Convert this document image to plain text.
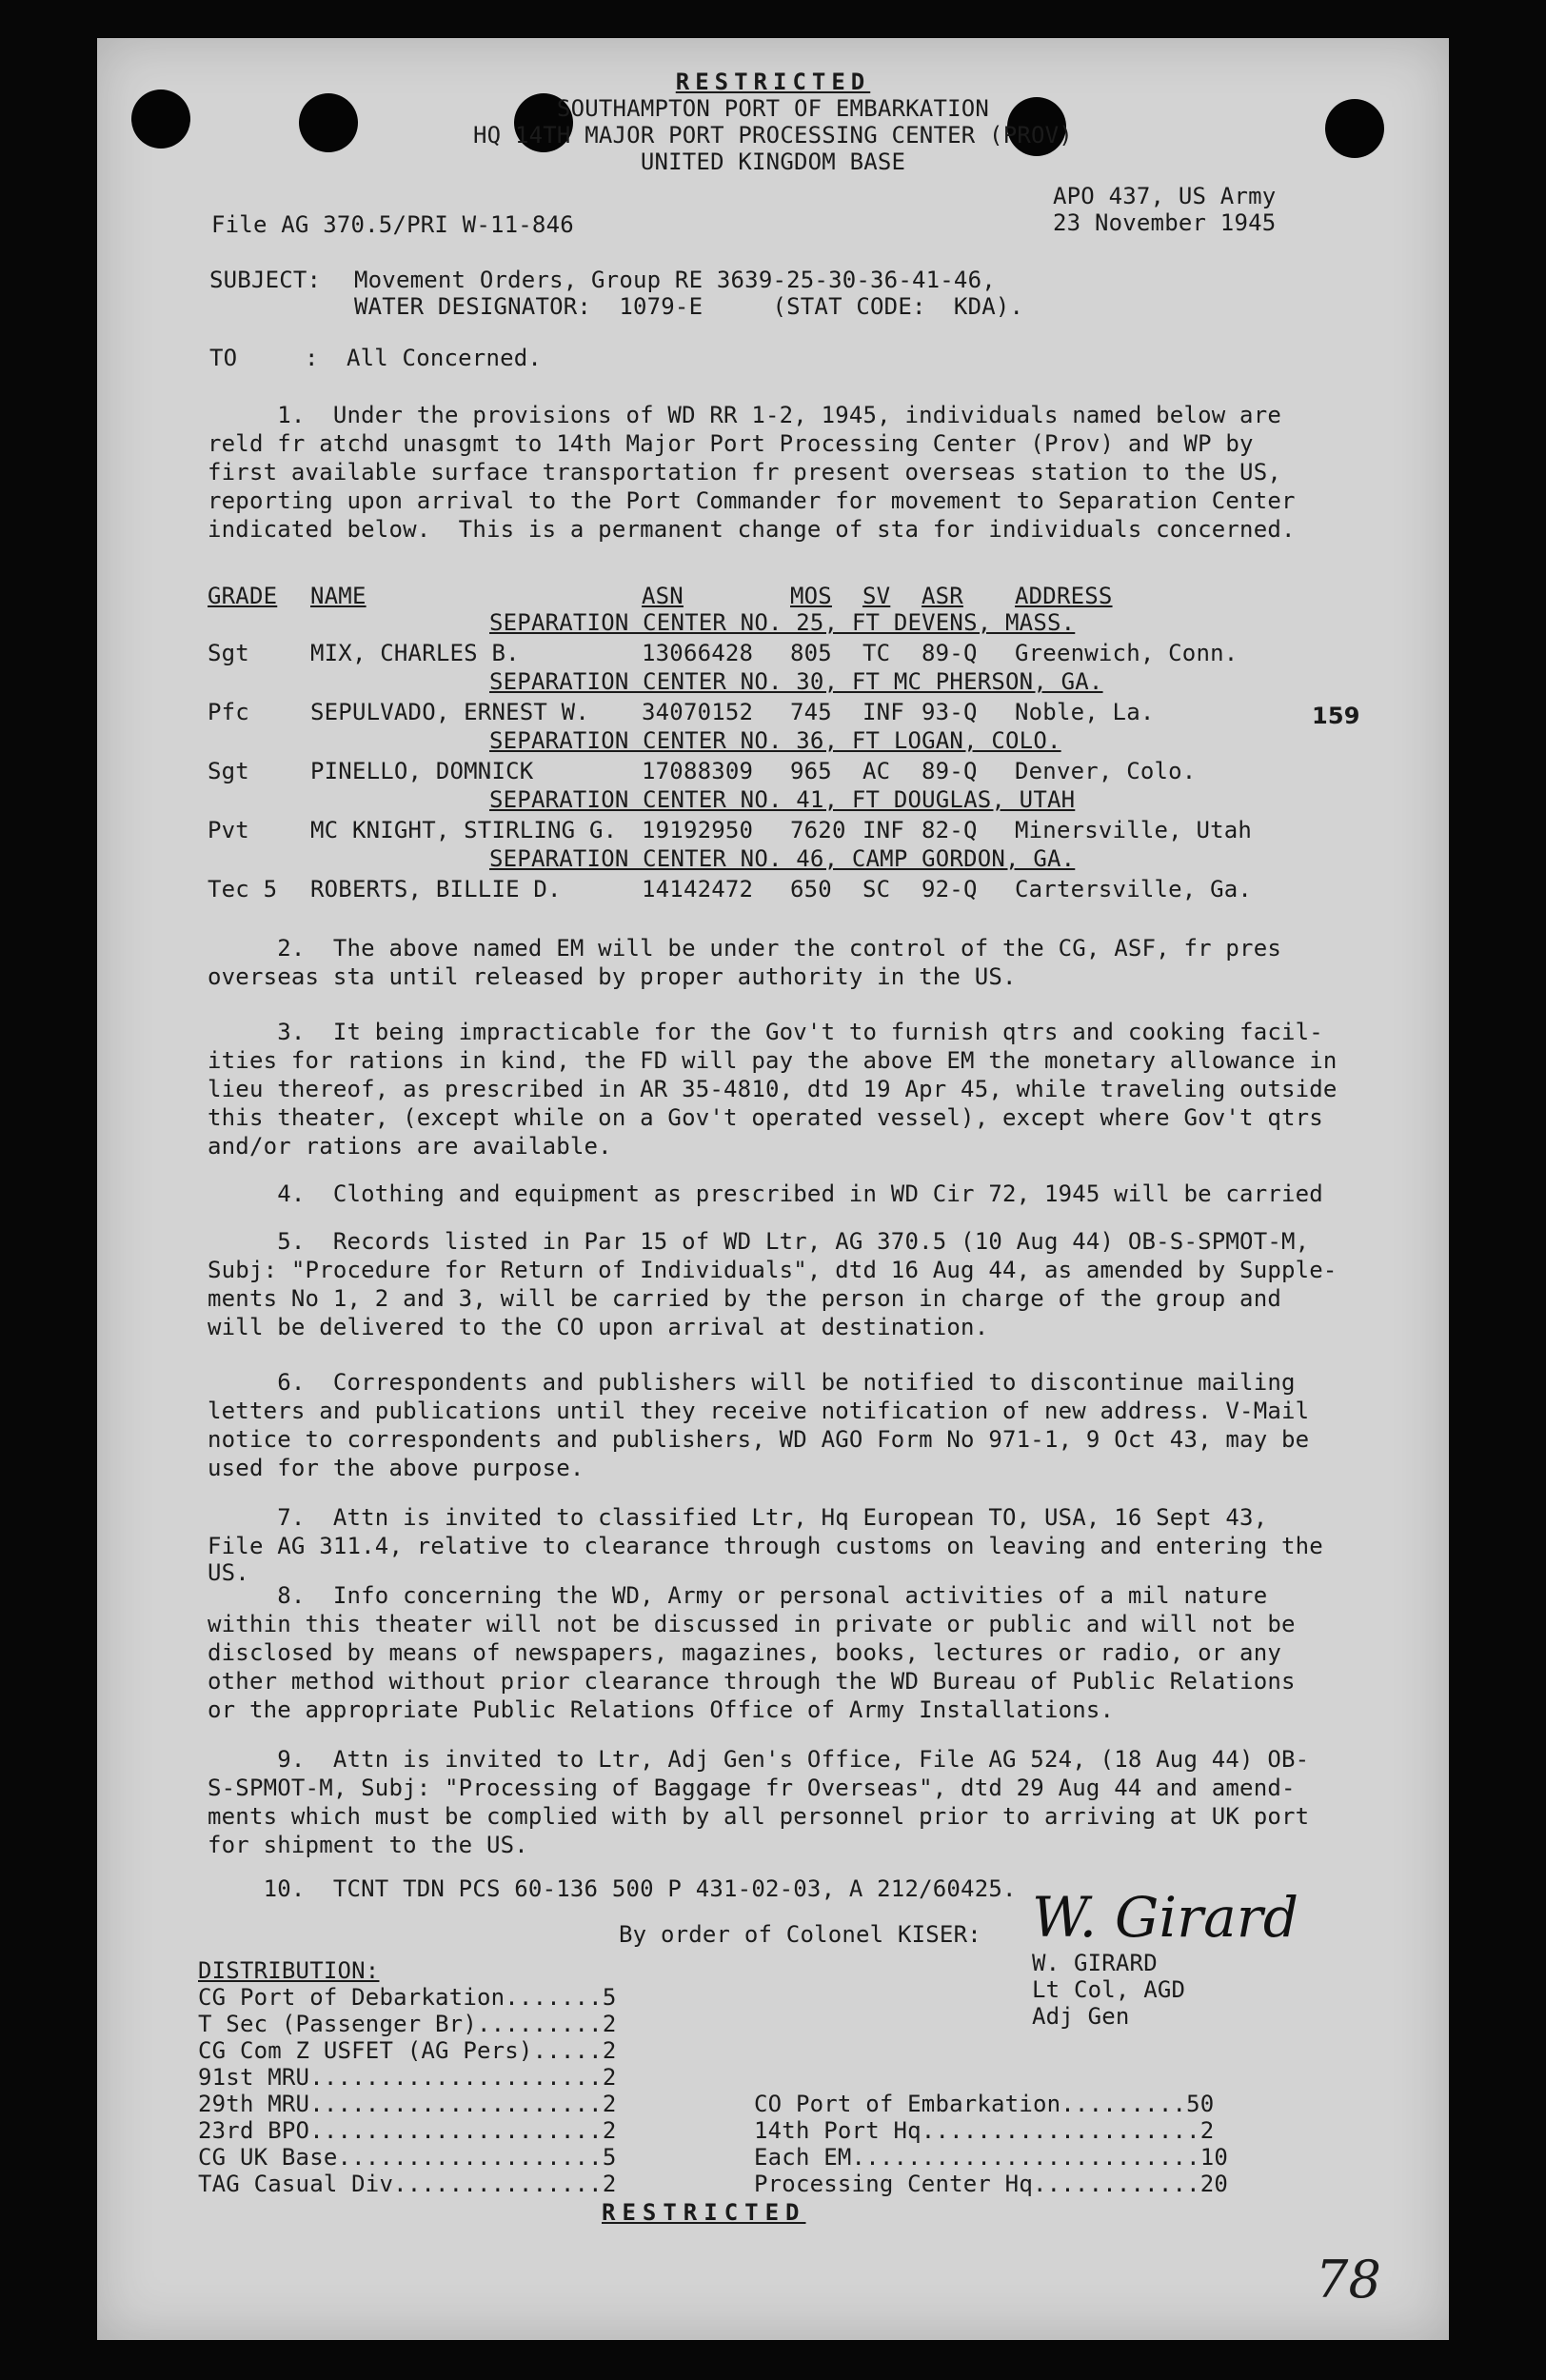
RESTRICTED
SOUTHAMPTON PORT OF EMBARKATION
HQ 14TH MAJOR PORT PROCESSING CENTER (PROV)
UNITED KINGDOM BASE
APO 437, US Army
File AG 370.5/PRI W-11-846	23 November 1945
SUBJECT: Movement Orders, Group RE 3639-25-30-36-41-46,
WATER DESIGNATOR:  1079-E     (STAT CODE:  KDA).
TO	:  All Concerned.
1.  Under the provisions of WD RR 1-2, 1945, individuals named below are
reld fr atchd unasgmt to 14th Major Port Processing Center (Prov) and WP by
first available surface transportation fr present overseas station to the US,
reporting upon arrival to the Port Commander for movement to Separation Center
indicated below.  This is a permanent change of sta for individuals concerned.
GRADE NAME	ASN	MOS SV ASR ADDRESS
SEPARATION CENTER NO. 25, FT DEVENS, MASS.
Sgt	MIX, CHARLES B.	13066428 805 TC 89-Q Greenwich, Conn.
SEPARATION CENTER NO. 30, FT MC PHERSON, GA.
Pfc	SEPULVADO, ERNEST W. 34070152 745 INF 93-Q Noble, La.
SEPARATION CENTER NO. 36, FT LOGAN, COLO.
Sgt	PINELLO, DOMNICK	17088309 965 AC 89-Q Denver, Colo.
SEPARATION CENTER NO. 41, FT DOUGLAS, UTAH
Pvt	MC KNIGHT, STIRLING G. 19192950 7620 INF 82-Q Minersville, Utah
SEPARATION CENTER NO. 46, CAMP GORDON, GA.
Tec 5 ROBERTS, BILLIE D.	14142472 650 SC 92-Q Cartersville, Ga.
159
2.  The above named EM will be under the control of the CG, ASF, fr pres
overseas sta until released by proper authority in the US.
3.  It being impracticable for the Gov't to furnish qtrs and cooking facil-
ities for rations in kind, the FD will pay the above EM the monetary allowance in
lieu thereof, as prescribed in AR 35-4810, dtd 19 Apr 45, while traveling outside
this theater, (except while on a Gov't operated vessel), except where Gov't qtrs
and/or rations are available.
4.  Clothing and equipment as prescribed in WD Cir 72, 1945 will be carried
5.  Records listed in Par 15 of WD Ltr, AG 370.5 (10 Aug 44) OB-S-SPMOT-M,
Subj: "Procedure for Return of Individuals", dtd 16 Aug 44, as amended by Supple-
ments No 1, 2 and 3, will be carried by the person in charge of the group and
will be delivered to the CO upon arrival at destination.
6.  Correspondents and publishers will be notified to discontinue mailing
letters and publications until they receive notification of new address. V-Mail
notice to correspondents and publishers, WD AGO Form No 971-1, 9 Oct 43, may be
used for the above purpose.
7.  Attn is invited to classified Ltr, Hq European TO, USA, 16 Sept 43,
File AG 311.4, relative to clearance through customs on leaving and entering the
US.
8.  Info concerning the WD, Army or personal activities of a mil nature
within this theater will not be discussed in private or public and will not be
disclosed by means of newspapers, magazines, books, lectures or radio, or any
other method without prior clearance through the WD Bureau of Public Relations
or the appropriate Public Relations Office of Army Installations.
9.  Attn is invited to Ltr, Adj Gen's Office, File AG 524, (18 Aug 44) OB-
S-SPMOT-M, Subj: "Processing of Baggage fr Overseas", dtd 29 Aug 44 and amend-
ments which must be complied with by all personnel prior to arriving at UK port
for shipment to the US.
10.  TCNT TDN PCS 60-136 500 P 431-02-03, A 212/60425.
By order of Colonel KISER: W. Girard
W. GIRARD
Lt Col, AGD
Adj Gen
DISTRIBUTION:
CG Port of Debarkation.......5
T Sec (Passenger Br).........2
CG Com Z USFET (AG Pers).....2
91st MRU.....................2
29th MRU.....................2
23rd BPO.....................2
CG UK Base...................5
TAG Casual Div...............2
CO Port of Embarkation.........50
14th Port Hq....................2
Each EM.........................10
Processing Center Hq............20
RESTRICTED
78
